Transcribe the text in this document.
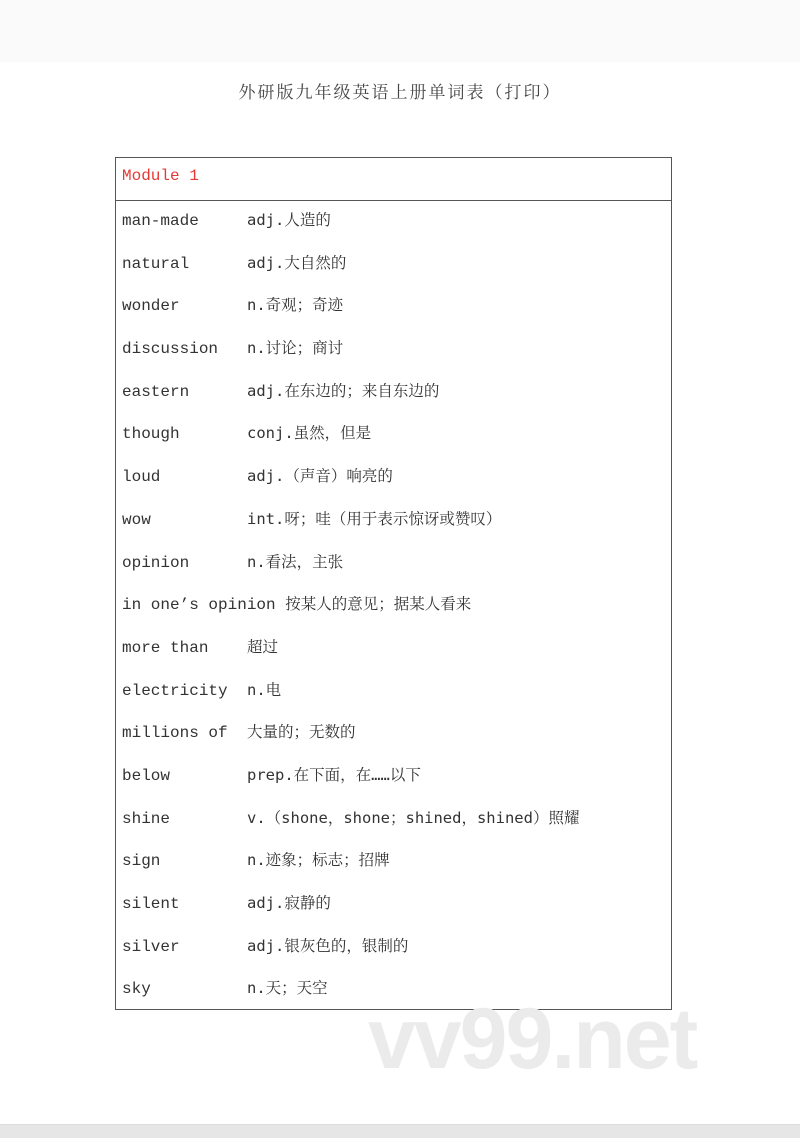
外研版九年级英语上册单词表（打印）
Module 1
man-made	adj.人造的
natural	adj.大自然的
wonder	n.奇观；奇迹
discussion n.讨论；商讨
eastern	adj.在东边的；来自东边的
though	conj.虽然，但是
loud	adj.（声音）响亮的
wow	int.呀；哇（用于表示惊讶或赞叹）
opinion	n.看法，主张
in one’s opinion 按某人的意见；据某人看来
more than 超过
electricity n.电
millions of 大量的；无数的
below	prep.在下面，在……以下
shine	v.（shone，shone；shined，shined）照耀
sign	n.迹象；标志；招牌
silent	adj.寂静的
silver	adj.银灰色的，银制的
sky	n.天；天空
vv99.net
